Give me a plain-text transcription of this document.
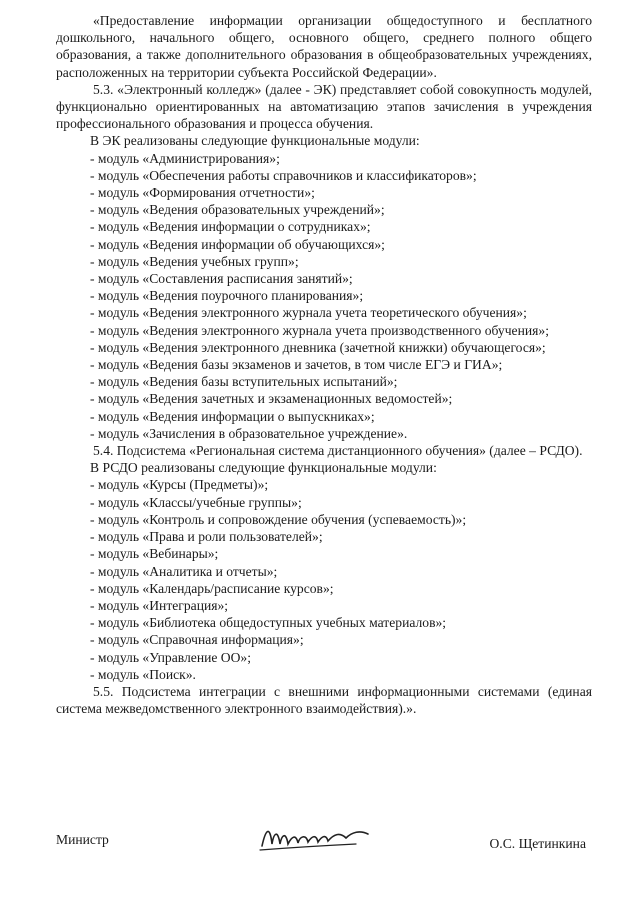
«Предоставление информации организации общедоступного и бесплатного дошкольного, начального общего, основного общего, среднего полного общего образования, а также дополнительного образования в общеобразовательных учреждениях, расположенных на территории субъекта Российской Федерации».

5.3. «Электронный колледж» (далее - ЭК) представляет собой совокупность модулей, функционально ориентированных на автоматизацию этапов зачисления в учреждения профессионального образования и процесса обучения.

В ЭК реализованы следующие функциональные модули:

- модуль «Администрирования»;

- модуль «Обеспечения работы справочников и классификаторов»;

- модуль «Формирования отчетности»;

- модуль «Ведения образовательных учреждений»;

- модуль «Ведения информации о сотрудниках»;

- модуль «Ведения информации об обучающихся»;

- модуль «Ведения учебных групп»;

- модуль «Составления расписания занятий»;

- модуль «Ведения поурочного планирования»;

- модуль «Ведения электронного журнала учета теоретического обучения»;

- модуль «Ведения электронного журнала учета производственного обучения»;

- модуль «Ведения электронного дневника (зачетной книжки) обучающегося»;

- модуль «Ведения базы экзаменов и зачетов, в том числе ЕГЭ и ГИА»;

- модуль «Ведения базы вступительных испытаний»;

- модуль «Ведения зачетных и экзаменационных ведомостей»;

- модуль «Ведения информации о выпускниках»;

- модуль «Зачисления в образовательное учреждение».

5.4. Подсистема «Региональная система дистанционного обучения» (далее – РСДО).

В РСДО реализованы следующие функциональные модули:

- модуль «Курсы (Предметы)»;

- модуль «Классы/учебные группы»;

- модуль «Контроль и сопровождение обучения (успеваемость)»;

- модуль «Права и роли пользователей»;

- модуль «Вебинары»;

- модуль «Аналитика и отчеты»;

- модуль «Календарь/расписание курсов»;

- модуль «Интеграция»;

- модуль «Библиотека общедоступных учебных материалов»;

- модуль «Справочная информация»;

- модуль «Управление ОО»;

- модуль «Поиск».

5.5. Подсистема интеграции с внешними информационными системами (единая система межведомственного электронного взаимодействия).».

Министр	О.С. Щетинкина
